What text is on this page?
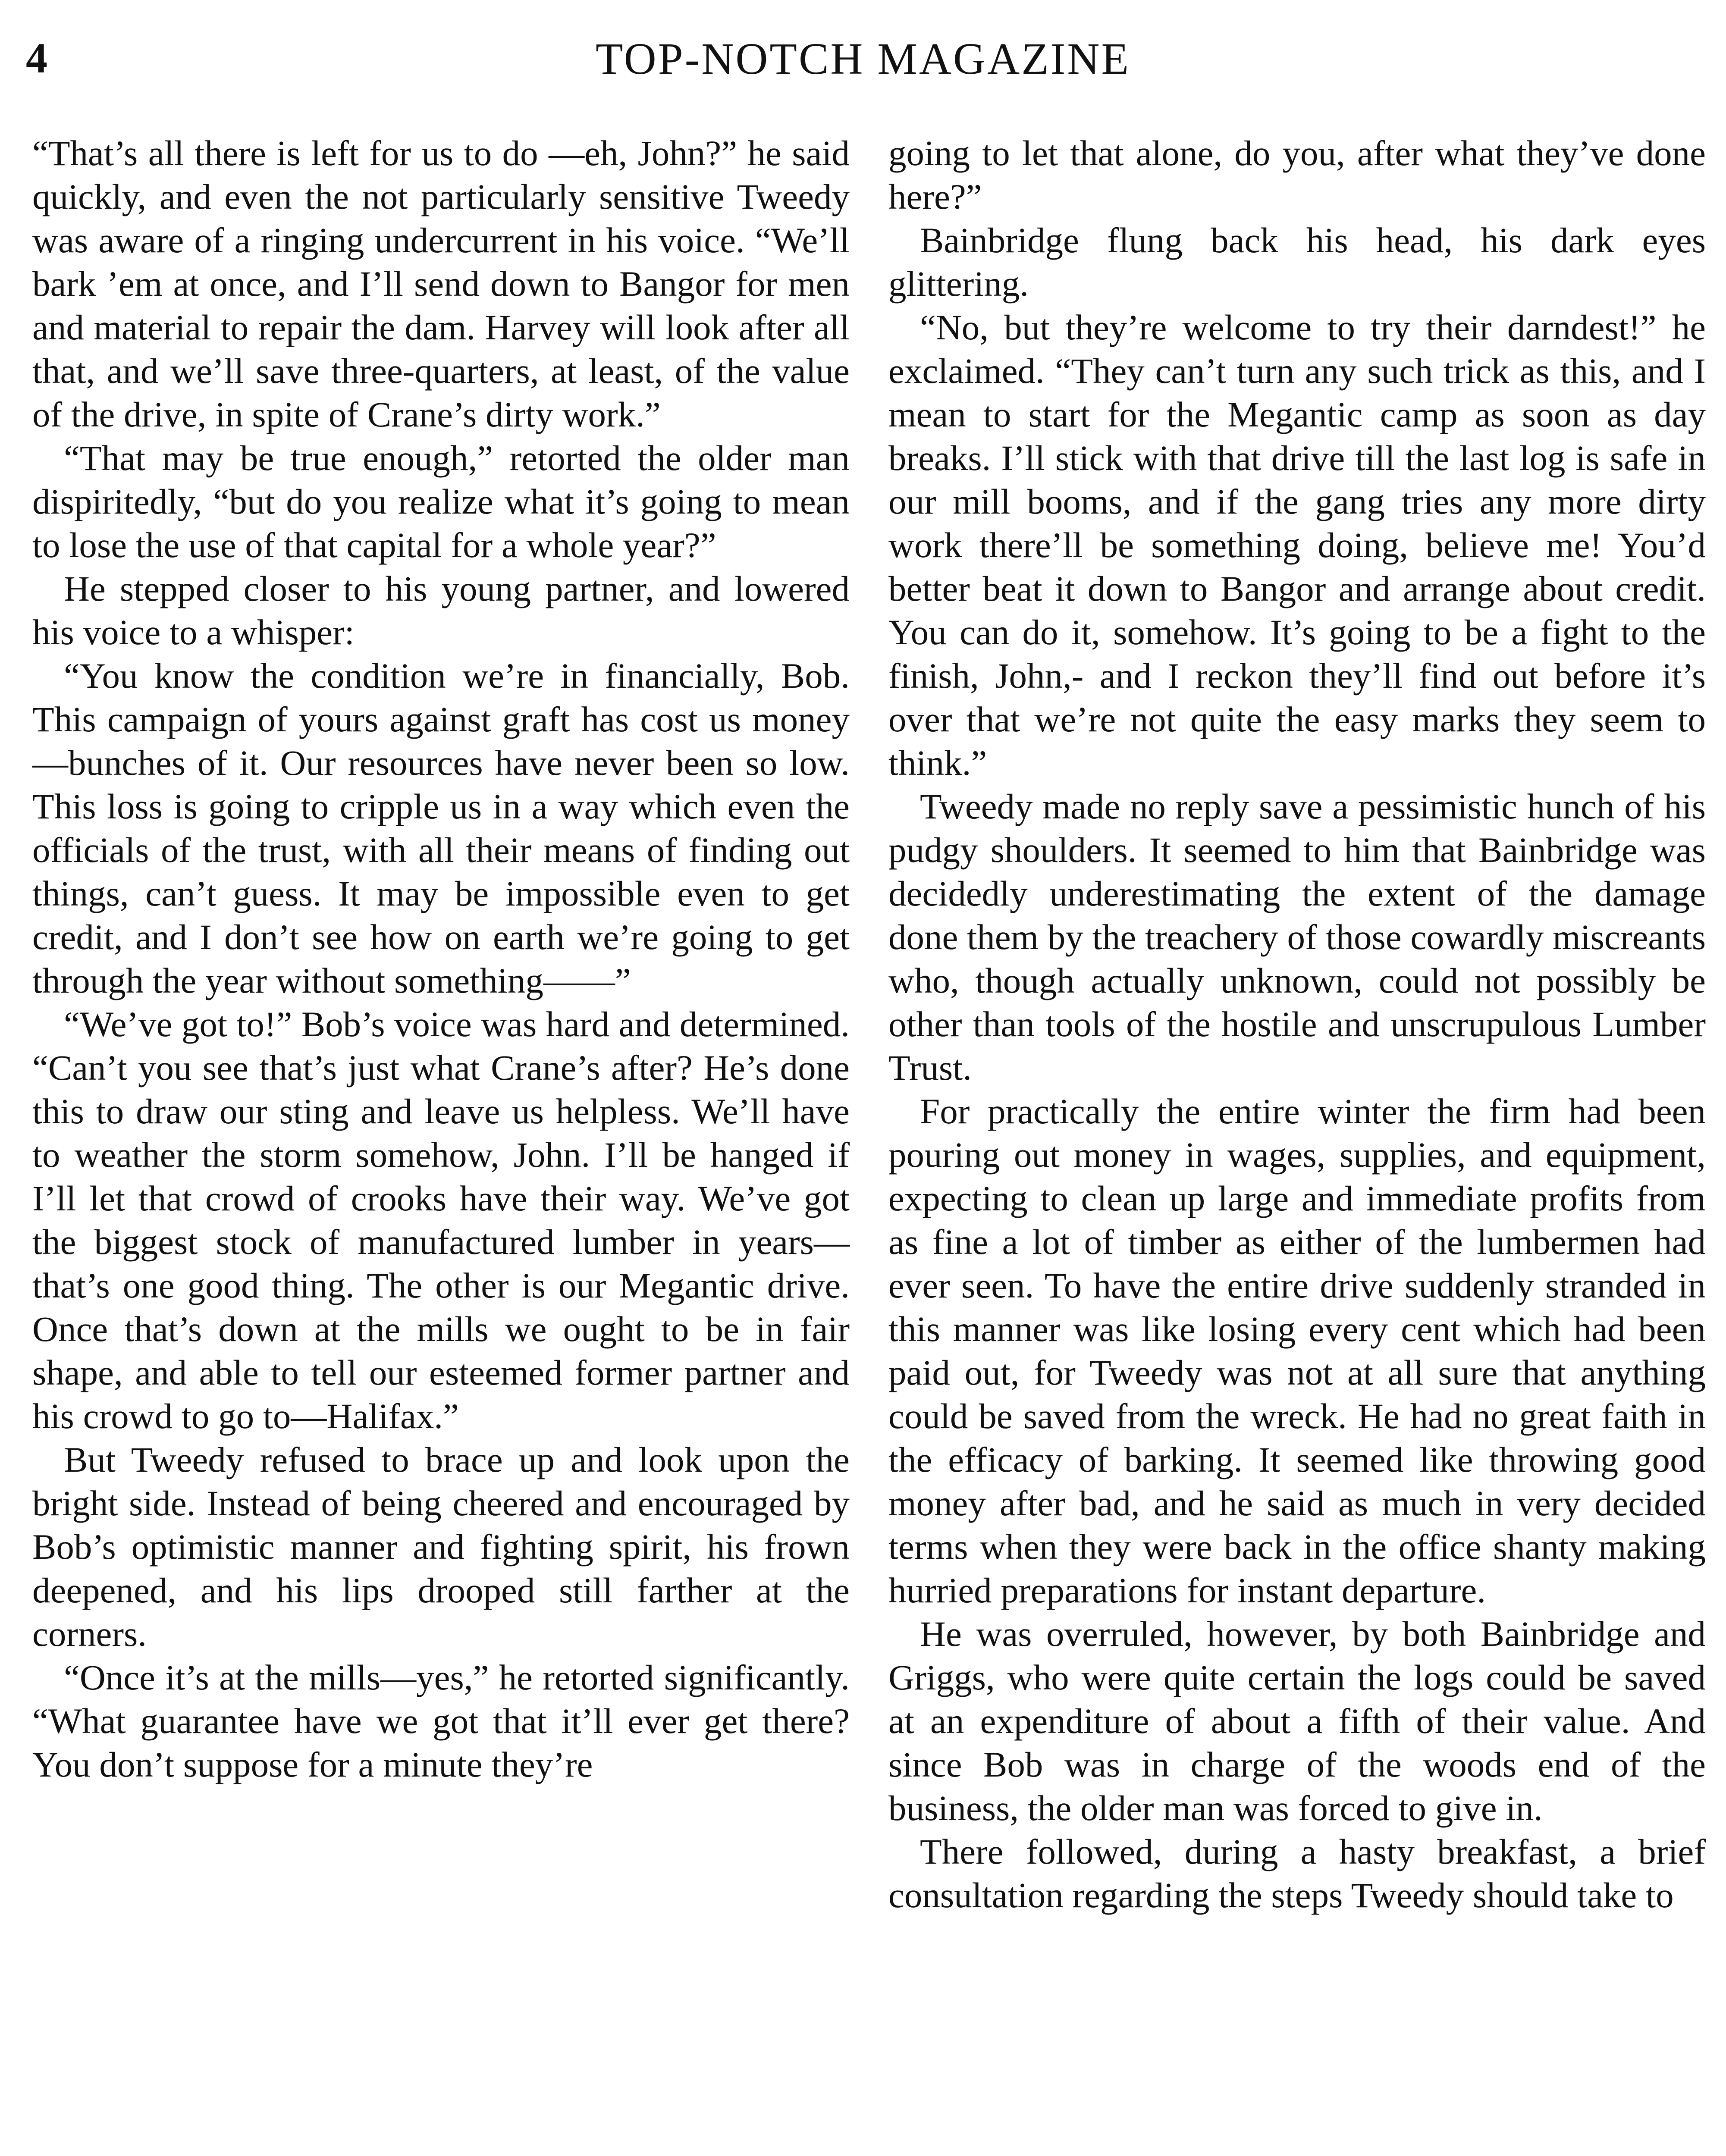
4	TOP-NOTCH MAGAZINE

“That’s all there is left for us to do —eh, John?” he said quickly, and even the not particularly sensitive Tweedy was aware of a ringing undercurrent in his voice. “We’ll bark ’em at once, and I’ll send down to Bangor for men and material to repair the dam. Harvey will look after all that, and we’ll save three-quarters, at least, of the value of the drive, in spite of Crane’s dirty work.”

“That may be true enough,” retorted the older man dispiritedly, “but do you realize what it’s going to mean to lose the use of that capital for a whole year?”

He stepped closer to his young partner, and lowered his voice to a whisper:

“You know the condition we’re in financially, Bob. This campaign of yours against graft has cost us money —bunches of it. Our resources have never been so low. This loss is going to cripple us in a way which even the officials of the trust, with all their means of finding out things, can’t guess. It may be impossible even to get credit, and I don’t see how on earth we’re going to get through the year without something——”

“We’ve got to!” Bob’s voice was hard and determined. “Can’t you see that’s just what Crane’s after? He’s done this to draw our sting and leave us helpless. We’ll have to weather the storm somehow, John. I’ll be hanged if I’ll let that crowd of crooks have their way. We’ve got the biggest stock of manufactured lumber in years—that’s one good thing. The other is our Megantic drive. Once that’s down at the mills we ought to be in fair shape, and able to tell our esteemed former partner and his crowd to go to—Halifax.”

But Tweedy refused to brace up and look upon the bright side. Instead of being cheered and encouraged by Bob’s optimistic manner and fighting spirit, his frown deepened, and his lips drooped still farther at the corners.

“Once it’s at the mills—yes,” he retorted significantly. “What guarantee have we got that it’ll ever get there? You don’t suppose for a minute they’re

going to let that alone, do you, after what they’ve done here?”

Bainbridge flung back his head, his dark eyes glittering.

“No, but they’re welcome to try their darndest!” he exclaimed. “They can’t turn any such trick as this, and I mean to start for the Megantic camp as soon as day breaks. I’ll stick with that drive till the last log is safe in our mill booms, and if the gang tries any more dirty work there’ll be something doing, believe me! You’d better beat it down to Bangor and arrange about credit. You can do it, somehow. It’s going to be a fight to the finish, John,- and I reckon they’ll find out before it’s over that we’re not quite the easy marks they seem to think.”

Tweedy made no reply save a pessimistic hunch of his pudgy shoulders. It seemed to him that Bainbridge was decidedly underestimating the extent of the damage done them by the treachery of those cowardly miscreants who, though actually unknown, could not possibly be other than tools of the hostile and unscrupulous Lumber Trust.

For practically the entire winter the firm had been pouring out money in wages, supplies, and equipment, expecting to clean up large and immediate profits from as fine a lot of timber as either of the lumbermen had ever seen. To have the entire drive suddenly stranded in this manner was like losing every cent which had been paid out, for Tweedy was not at all sure that anything could be saved from the wreck. He had no great faith in the efficacy of barking. It seemed like throwing good money after bad, and he said as much in very decided terms when they were back in the office shanty making hurried preparations for instant departure.

He was overruled, however, by both Bainbridge and Griggs, who were quite certain the logs could be saved at an expenditure of about a fifth of their value. And since Bob was in charge of the woods end of the business, the older man was forced to give in.

There followed, during a hasty breakfast, a brief consultation regarding the steps Tweedy should take to
